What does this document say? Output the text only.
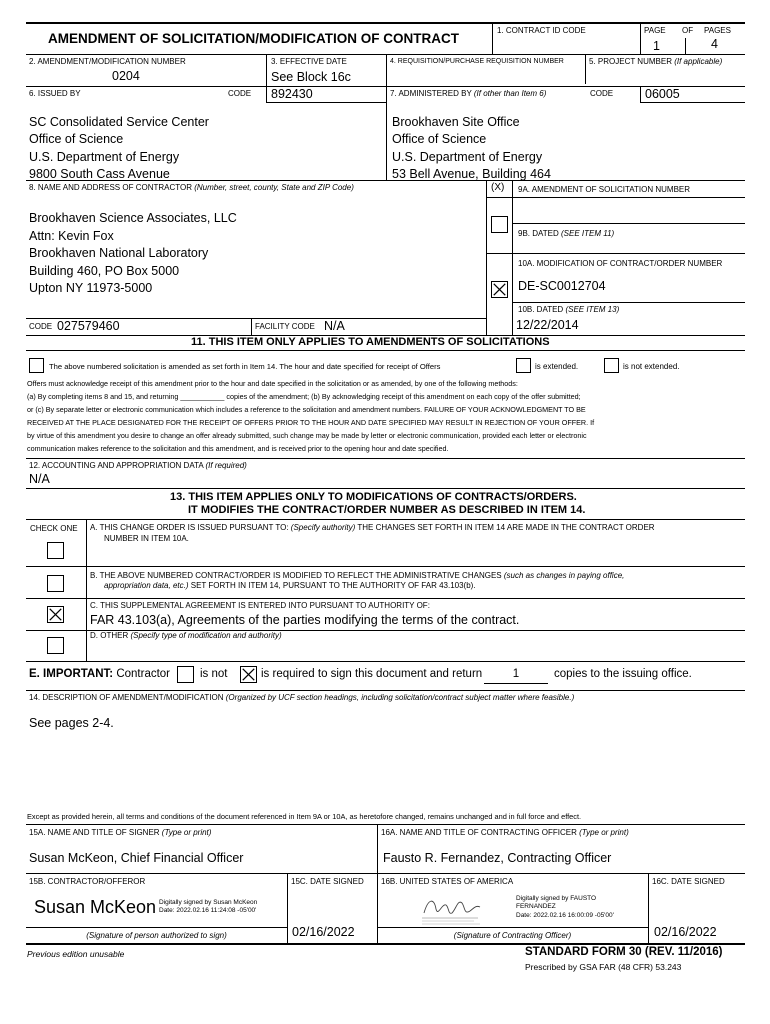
AMENDMENT OF SOLICITATION/MODIFICATION OF CONTRACT
1. CONTRACT ID CODE	PAGE OF PAGES
1	4
2. AMENDMENT/MODIFICATION NUMBER
0204
3. EFFECTIVE DATE
See Block 16c
4. REQUISITION/PURCHASE REQUISITION NUMBER	5. PROJECT NUMBER (If applicable)
6. ISSUED BY	CODE 892430	7. ADMINISTERED BY (If other than Item 6)	CODE	06005
SC Consolidated Service Center
Office of Science
U.S. Department of Energy
9800 South Cass Avenue
Brookhaven Site Office
Office of Science
U.S. Department of Energy
53 Bell Avenue, Building 464
8. NAME AND ADDRESS OF CONTRACTOR (Number, street, county, State and ZIP Code)	(X) 9A. AMENDMENT OF SOLICITATION NUMBER
Brookhaven Science Associates, LLC
Attn: Kevin Fox
Brookhaven National Laboratory
Building 460, PO Box 5000
Upton NY 11973-5000
9B. DATED (SEE ITEM 11)
10A. MODIFICATION OF CONTRACT/ORDER NUMBER
DE-SC0012704
10B. DATED (SEE ITEM 13)
12/22/2014
CODE 027579460	FACILITY CODE N/A
11. THIS ITEM ONLY APPLIES TO AMENDMENTS OF SOLICITATIONS
The above numbered solicitation is amended as set forth in Item 14. The hour and date specified for receipt of Offers	is extended.	is not extended.
Offers must acknowledge receipt of this amendment prior to the hour and date specified in the solicitation or as amended, by one of the following methods:
(a) By completing items 8 and 15, and returning ___________ copies of the amendment; (b) By acknowledging receipt of this amendment on each copy of the offer submitted;
or (c) By separate letter or electronic communication which includes a reference to the solicitation and amendment numbers. FAILURE OF YOUR ACKNOWLEDGMENT TO BE
RECEIVED AT THE PLACE DESIGNATED FOR THE RECEIPT OF OFFERS PRIOR TO THE HOUR AND DATE SPECIFIED MAY RESULT IN REJECTION OF YOUR OFFER. If
by virtue of this amendment you desire to change an offer already submitted, such change may be made by letter or electronic communication, provided each letter or electronic
communication makes reference to the solicitation and this amendment, and is received prior to the opening hour and date specified.
12. ACCOUNTING AND APPROPRIATION DATA (If required)
N/A
13. THIS ITEM APPLIES ONLY TO MODIFICATIONS OF CONTRACTS/ORDERS.
IT MODIFIES THE CONTRACT/ORDER NUMBER AS DESCRIBED IN ITEM 14.
CHECK ONE A. THIS CHANGE ORDER IS ISSUED PURSUANT TO: (Specify authority) THE CHANGES SET FORTH IN ITEM 14 ARE MADE IN THE CONTRACT ORDER
NUMBER IN ITEM 10A.
B. THE ABOVE NUMBERED CONTRACT/ORDER IS MODIFIED TO REFLECT THE ADMINISTRATIVE CHANGES (such as changes in paying office,
appropriation data, etc.) SET FORTH IN ITEM 14, PURSUANT TO THE AUTHORITY OF FAR 43.103(b).
C. THIS SUPPLEMENTAL AGREEMENT IS ENTERED INTO PURSUANT TO AUTHORITY OF:
FAR 43.103(a), Agreements of the parties modifying the terms of the contract.
D. OTHER (Specify type of modification and authority)
E. IMPORTANT: Contractor	is not	is required to sign this document and return	1	copies to the issuing office.
14. DESCRIPTION OF AMENDMENT/MODIFICATION (Organized by UCF section headings, including solicitation/contract subject matter where feasible.)
See pages 2-4.
Except as provided herein, all terms and conditions of the document referenced in Item 9A or 10A, as heretofore changed, remains unchanged and in full force and effect.
15A. NAME AND TITLE OF SIGNER (Type or print)	16A. NAME AND TITLE OF CONTRACTING OFFICER (Type or print)
Susan McKeon, Chief Financial Officer	Fausto R. Fernandez, Contracting Officer
15B. CONTRACTOR/OFFEROR	15C. DATE SIGNED 16B. UNITED STATES OF AMERICA	16C. DATE SIGNED
Susan McKeon Digitally signed by Susan McKeon
Date: 2022.02.16 11:24:08 -05'00'
02/16/2022
Digitally signed by FAUSTO
FERNANDEZ
Date: 2022.02.16 16:00:09 -05'00'
02/16/2022
(Signature of person authorized to sign)	(Signature of Contracting Officer)
Previous edition unusable	STANDARD FORM 30 (REV. 11/2016)
Prescribed by GSA FAR (48 CFR) 53.243
